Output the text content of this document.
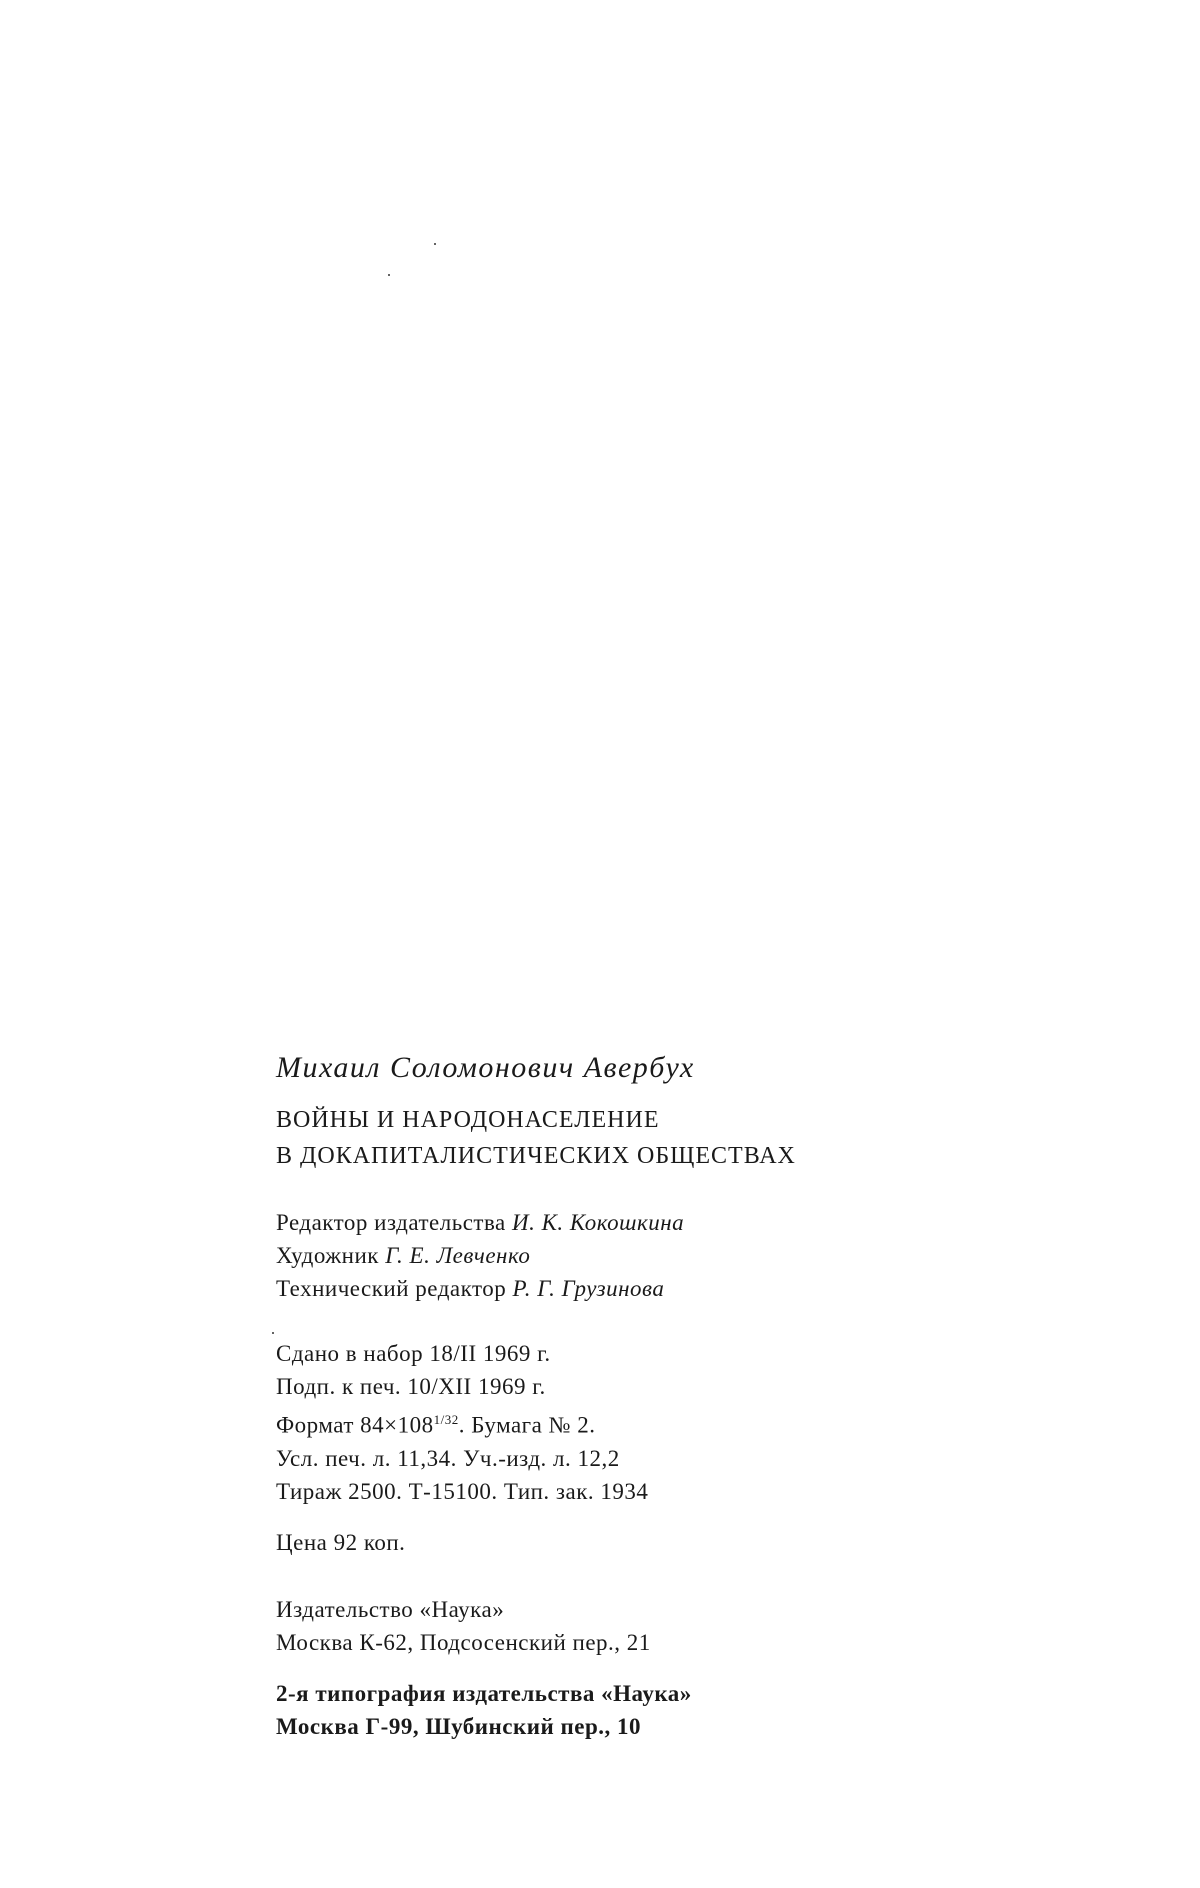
Михаил Соломонович Авербух
ВОЙНЫ И НАРОДОНАСЕЛЕНИЕ
В ДОКАПИТАЛИСТИЧЕСКИХ ОБЩЕСТВАХ
Редактор издательства И. К. Кокошкина
Художник Г. Е. Левченко
Технический редактор Р. Г. Грузинова
Сдано в набор 18/II 1969 г.
Подп. к печ. 10/XII 1969 г.
Формат $84\times 108^{1/32}$. Бумага № 2.
Усл. печ. л. 11,34. Уч.-изд. л. 12,2
Тираж 2500. Т-15100. Тип. зак. 1934
Цена 92 коп.
Издательство «Наука»
Москва К-62, Подсосенский пер., 21
2-я типография издательства «Наука»
Москва Г-99, Шубинский пер., 10
